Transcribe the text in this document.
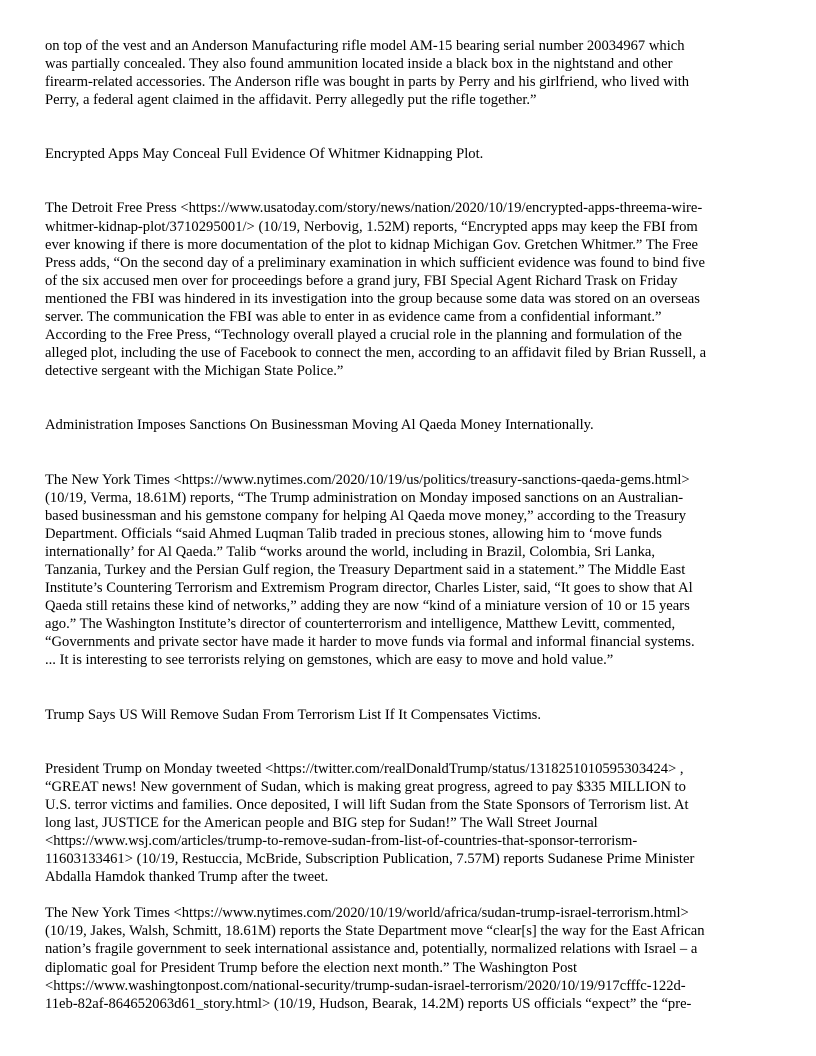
on top of the vest and an Anderson Manufacturing rifle model AM-15 bearing serial number 20034967 which
was partially concealed. They also found ammunition located inside a black box in the nightstand and other
firearm-related accessories. The Anderson rifle was bought in parts by Perry and his girlfriend, who lived with
Perry, a federal agent claimed in the affidavit. Perry allegedly put the rifle together.”

Encrypted Apps May Conceal Full Evidence Of Whitmer Kidnapping Plot.

The Detroit Free Press <https://www.usatoday.com/story/news/nation/2020/10/19/encrypted-apps-threema-wire-
whitmer-kidnap-plot/3710295001/> (10/19, Nerbovig, 1.52M) reports, “Encrypted apps may keep the FBI from
ever knowing if there is more documentation of the plot to kidnap Michigan Gov. Gretchen Whitmer.” The Free
Press adds, “On the second day of a preliminary examination in which sufficient evidence was found to bind five
of the six accused men over for proceedings before a grand jury, FBI Special Agent Richard Trask on Friday
mentioned the FBI was hindered in its investigation into the group because some data was stored on an overseas
server. The communication the FBI was able to enter in as evidence came from a confidential informant.”
According to the Free Press, “Technology overall played a crucial role in the planning and formulation of the
alleged plot, including the use of Facebook to connect the men, according to an affidavit filed by Brian Russell, a
detective sergeant with the Michigan State Police.”

Administration Imposes Sanctions On Businessman Moving Al Qaeda Money Internationally.

The New York Times <https://www.nytimes.com/2020/10/19/us/politics/treasury-sanctions-qaeda-gems.html>
(10/19, Verma, 18.61M) reports, “The Trump administration on Monday imposed sanctions on an Australian-
based businessman and his gemstone company for helping Al Qaeda move money,” according to the Treasury
Department. Officials “said Ahmed Luqman Talib traded in precious stones, allowing him to ‘move funds
internationally’ for Al Qaeda.” Talib “works around the world, including in Brazil, Colombia, Sri Lanka,
Tanzania, Turkey and the Persian Gulf region, the Treasury Department said in a statement.” The Middle East
Institute’s Countering Terrorism and Extremism Program director, Charles Lister, said, “It goes to show that Al
Qaeda still retains these kind of networks,” adding they are now “kind of a miniature version of 10 or 15 years
ago.” The Washington Institute’s director of counterterrorism and intelligence, Matthew Levitt, commented,
“Governments and private sector have made it harder to move funds via formal and informal financial systems.
... It is interesting to see terrorists relying on gemstones, which are easy to move and hold value.”

Trump Says US Will Remove Sudan From Terrorism List If It Compensates Victims.

President Trump on Monday tweeted <https://twitter.com/realDonaldTrump/status/1318251010595303424> ,
“GREAT news! New government of Sudan, which is making great progress, agreed to pay $335 MILLION to
U.S. terror victims and families. Once deposited, I will lift Sudan from the State Sponsors of Terrorism list. At
long last, JUSTICE for the American people and BIG step for Sudan!” The Wall Street Journal
<https://www.wsj.com/articles/trump-to-remove-sudan-from-list-of-countries-that-sponsor-terrorism-
11603133461> (10/19, Restuccia, McBride, Subscription Publication, 7.57M) reports Sudanese Prime Minister
Abdalla Hamdok thanked Trump after the tweet.

The New York Times <https://www.nytimes.com/2020/10/19/world/africa/sudan-trump-israel-terrorism.html>
(10/19, Jakes, Walsh, Schmitt, 18.61M) reports the State Department move “clear[s] the way for the East African
nation’s fragile government to seek international assistance and, potentially, normalized relations with Israel – a
diplomatic goal for President Trump before the election next month.” The Washington Post
<https://www.washingtonpost.com/national-security/trump-sudan-israel-terrorism/2020/10/19/917cfffc-122d-
11eb-82af-864652063d61_story.html> (10/19, Hudson, Bearak, 14.2M) reports US officials “expect” the “pre-
